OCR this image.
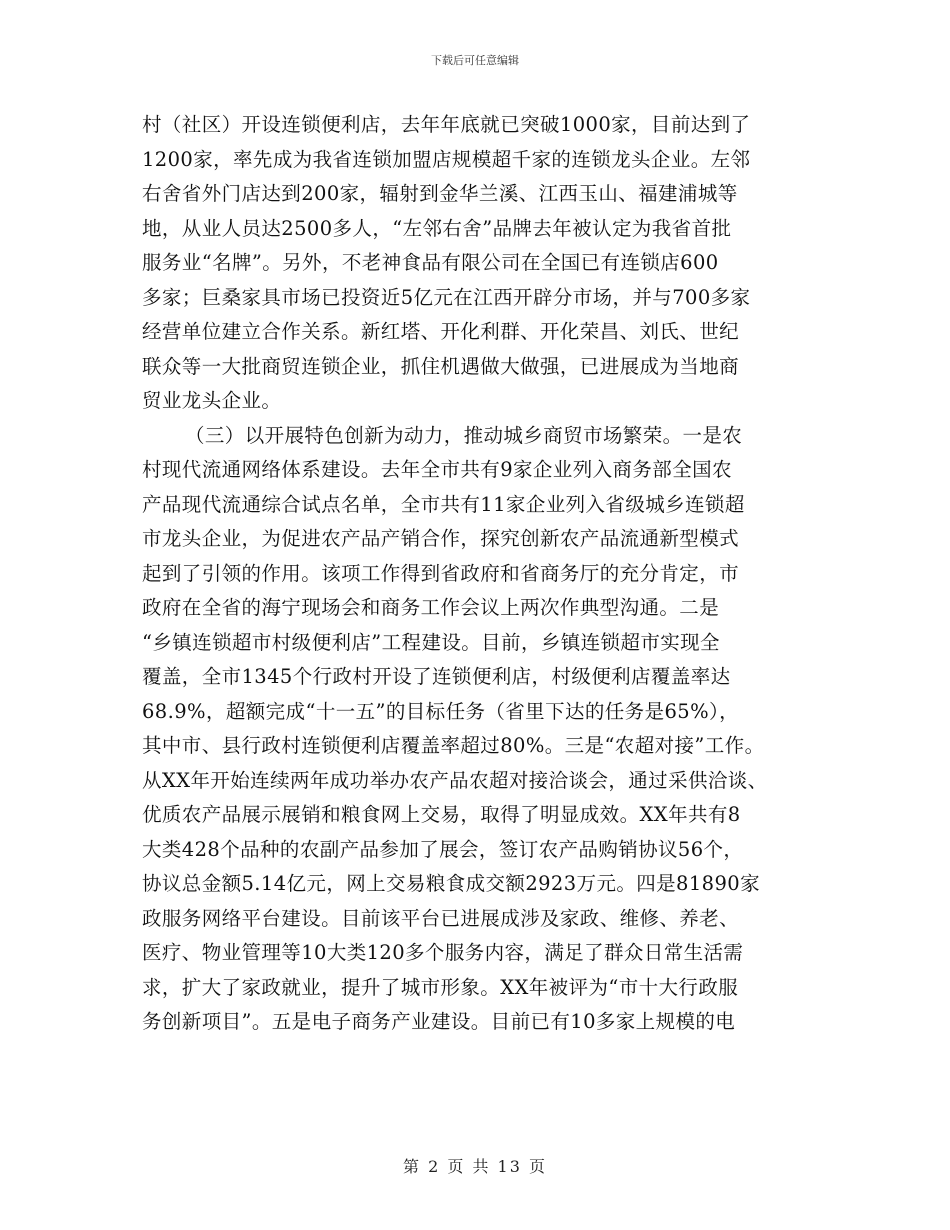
下载后可任意编辑
村（社区）开设连锁便利店，去年年底就已突破1000家，目前达到了
1200家，率先成为我省连锁加盟店规模超千家的连锁龙头企业。左邻
右舍省外门店达到200家，辐射到金华兰溪、江西玉山、福建浦城等
地，从业人员达2500多人，“左邻右舍”品牌去年被认定为我省首批
服务业“名牌”。另外，不老神食品有限公司在全国已有连锁店600
多家；巨桑家具市场已投资近5亿元在江西开辟分市场，并与700多家
经营单位建立合作关系。新红塔、开化利群、开化荣昌、刘氏、世纪
联众等一大批商贸连锁企业，抓住机遇做大做强，已进展成为当地商
贸业龙头企业。
（三）以开展特色创新为动力，推动城乡商贸市场繁荣。一是农
村现代流通网络体系建设。去年全市共有9家企业列入商务部全国农
产品现代流通综合试点名单，全市共有11家企业列入省级城乡连锁超
市龙头企业，为促进农产品产销合作，探究创新农产品流通新型模式
起到了引领的作用。该项工作得到省政府和省商务厅的充分肯定，市
政府在全省的海宁现场会和商务工作会议上两次作典型沟通。二是
“乡镇连锁超市村级便利店”工程建设。目前，乡镇连锁超市实现全
覆盖，全市1345个行政村开设了连锁便利店，村级便利店覆盖率达
68.9%，超额完成“十一五”的目标任务（省里下达的任务是65%），
其中市、县行政村连锁便利店覆盖率超过80%。三是“农超对接”工作。
从XX年开始连续两年成功举办农产品农超对接洽谈会，通过采供洽谈、
优质农产品展示展销和粮食网上交易，取得了明显成效。XX年共有8
大类428个品种的农副产品参加了展会，签订农产品购销协议56个，
协议总金额5.14亿元，网上交易粮食成交额2923万元。四是81890家
政服务网络平台建设。目前该平台已进展成涉及家政、维修、养老、
医疗、物业管理等10大类120多个服务内容，满足了群众日常生活需
求，扩大了家政就业，提升了城市形象。XX年被评为“市十大行政服
务创新项目”。五是电子商务产业建设。目前已有10多家上规模的电
第 2 页 共 13 页
